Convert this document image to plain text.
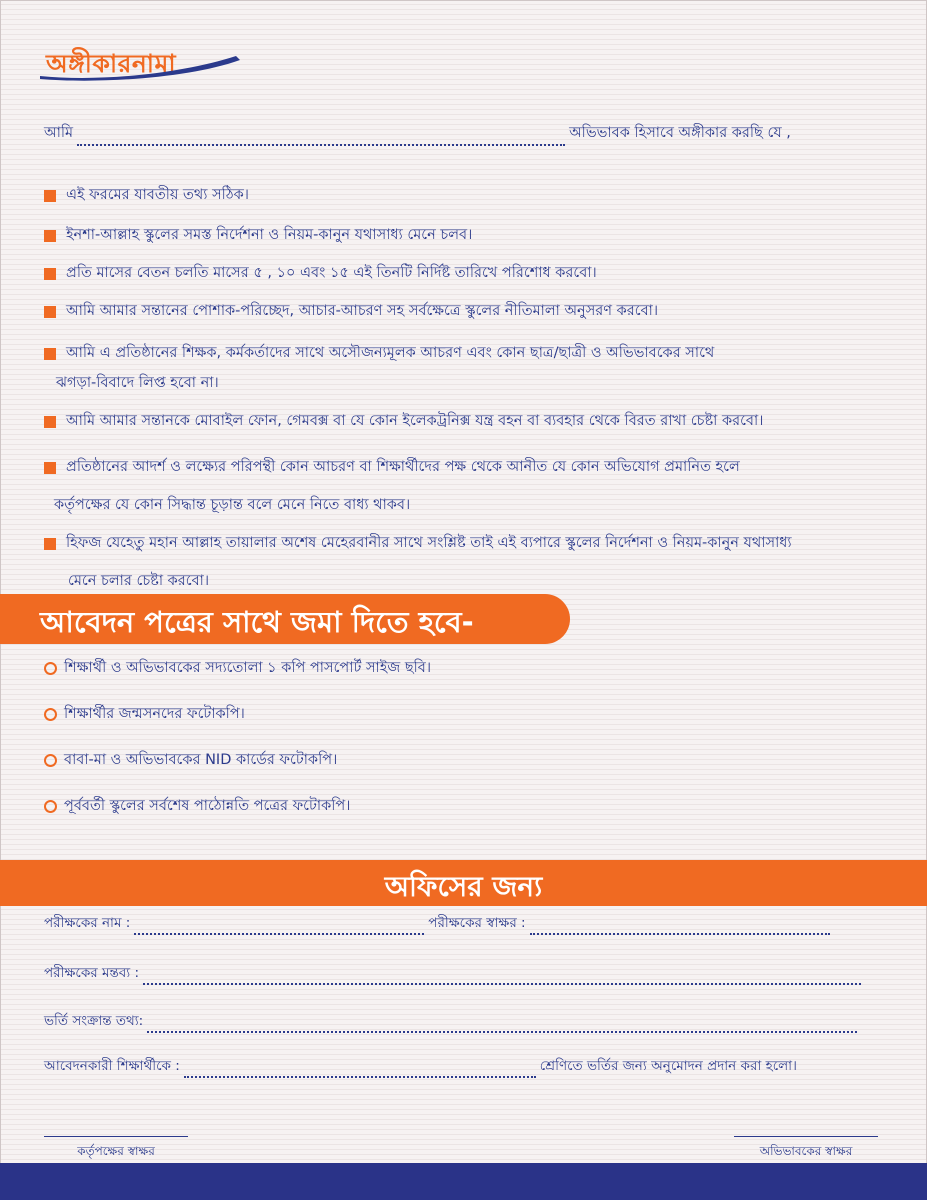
অঙ্গীকারনামা
আমি	অভিভাবক হিসাবে অঙ্গীকার করছি যে ,
এই ফরমের যাবতীয় তথ্য সঠিক।
ইনশা-আল্লাহ স্কুলের সমস্ত নির্দেশনা ও নিয়ম-কানুন যথাসাধ্য মেনে চলব।
প্রতি মাসের বেতন চলতি মাসের ৫ , ১০ এবং ১৫ এই তিনটি নির্দিষ্ট তারিখে পরিশোধ করবো।
আমি আমার সন্তানের পোশাক-পরিচ্ছেদ, আচার-আচরণ সহ সর্বক্ষেত্রে স্কুলের নীতিমালা অনুসরণ করবো।
আমি এ প্রতিষ্ঠানের শিক্ষক, কর্মকর্তাদের সাথে অসৌজন্যমূলক আচরণ এবং কোন ছাত্র/ছাত্রী ও অভিভাবকের সাথে
ঝগড়া-বিবাদে লিপ্ত হবো না।
আমি আমার সন্তানকে মোবাইল ফোন, গেমবক্স বা যে কোন ইলেকট্রনিক্স যন্ত্র বহন বা ব্যবহার থেকে বিরত রাখা চেষ্টা করবো।
প্রতিষ্ঠানের আদর্শ ও লক্ষ্যের পরিপন্থী কোন আচরণ বা শিক্ষার্থীদের পক্ষ থেকে আনীত যে কোন অভিযোগ প্রমানিত হলে
কর্তৃপক্ষের যে কোন সিদ্ধান্ত চূড়ান্ত বলে মেনে নিতে বাধ্য থাকব।
হিফজ যেহেতু মহান আল্লাহ তায়ালার অশেষ মেহেরবানীর সাথে সংশ্লিষ্ট তাই এই ব্যপারে স্কুলের নির্দেশনা ও নিয়ম-কানুন যথাসাধ্য
মেনে চলার চেষ্টা করবো।
আবেদন পত্রের সাথে জমা দিতে হবে-
শিক্ষার্থী ও অভিভাবকের সদ্যতোলা ১ কপি পাসপোর্ট সাইজ ছবি।
শিক্ষার্থীর জন্মসনদের ফটোকপি।
বাবা-মা ও অভিভাবকের NID কার্ডের ফটোকপি।
পূর্ববর্তী স্কুলের সর্বশেষ পাঠোন্নতি পত্রের ফটোকপি।
অফিসের জন্য
পরীক্ষকের নাম :	পরীক্ষকের স্বাক্ষর :
পরীক্ষকের মন্তব্য :
ভর্তি সংক্রান্ত তথ্য:
আবেদনকারী শিক্ষার্থীকে :	শ্রেণিতে ভর্তির জন্য অনুমোদন প্রদান করা হলো।
কর্তৃপক্ষের স্বাক্ষর	অভিভাবকের স্বাক্ষর
